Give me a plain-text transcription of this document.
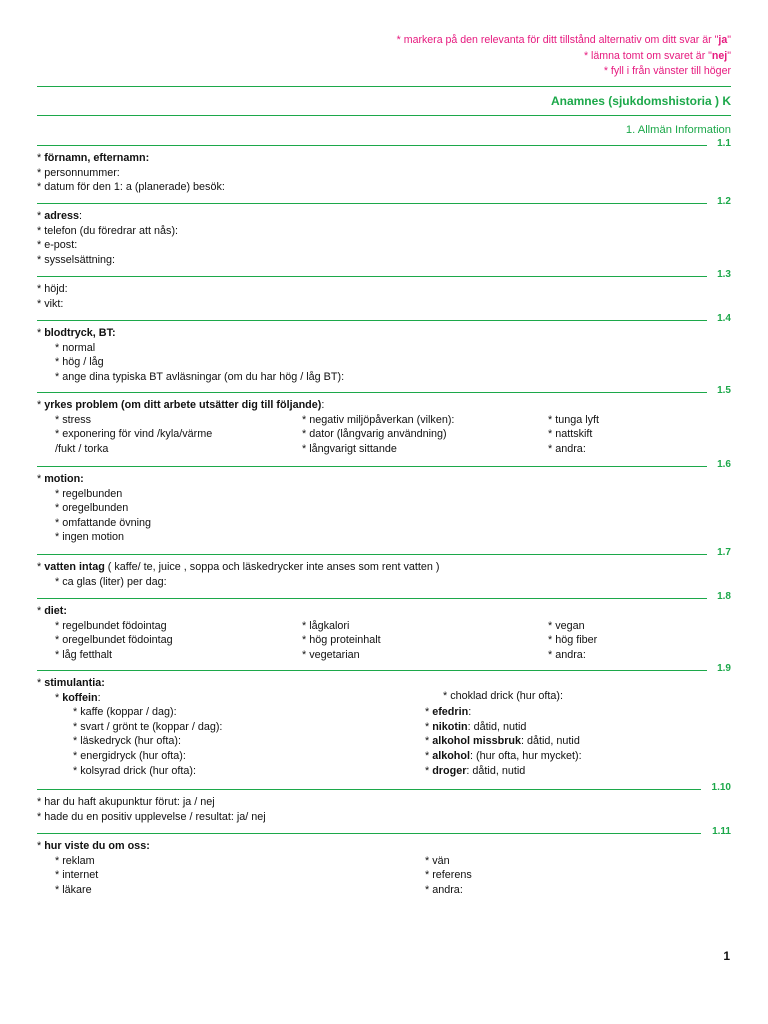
* markera på den relevanta för ditt tillstånd alternativ om ditt svar är "ja"
* lämna tomt om svaret är "nej"
* fyll i från vänster till höger
Anamnes (sjukdomshistoria ) K
1. Allmän Information
1.1
* förnamn, efternamn:
* personnummer:
* datum för den 1: a (planerade) besök:
1.2
* adress:
* telefon (du föredrar att nås):
* e-post:
* sysselsättning:
1.3
* höjd:
* vikt:
1.4
* blodtryck, BT:
* normal
* hög / låg
* ange dina typiska BT avläsningar (om du har hög / låg BT):
1.5
* yrkes problem (om ditt arbete utsätter dig till följande):
* stress	* negativ miljöpåverkan (vilken):	* tunga lyft
* exponering för vind /kyla/värme	* dator (långvarig användning)	* nattskift
/fukt / torka	* långvarigt sittande	* andra:
1.6
* motion:
* regelbunden
* oregelbunden
* omfattande övning
* ingen motion
1.7
* vatten intag ( kaffe/ te, juice , soppa och läskedrycker inte anses som rent vatten )
* ca glas (liter) per dag:
1.8
* diet:
* regelbundet födointag	* lågkalori	* vegan
* oregelbundet födointag	* hög proteinhalt	* hög fiber
* låg fetthalt	* vegetarian	* andra:
1.9
* stimulantia:
* koffein:
* kaffe (koppar / dag):
* svart / grönt te (koppar / dag):
* läskedryck (hur ofta):
* energidryck (hur ofta):
* kolsyrad drick (hur ofta):
* choklad drick (hur ofta):
* efedrin:
* nikotin: dåtid, nutid
* alkohol missbruk: dåtid, nutid
* alkohol: (hur ofta, hur mycket):
* droger: dåtid, nutid
1.10
* har du haft akupunktur förut: ja / nej
* hade du en positiv upplevelse / resultat: ja/ nej
1.11
* hur viste du om oss:
* reklam	* vän
* internet	* referens
* läkare	* andra:
1
